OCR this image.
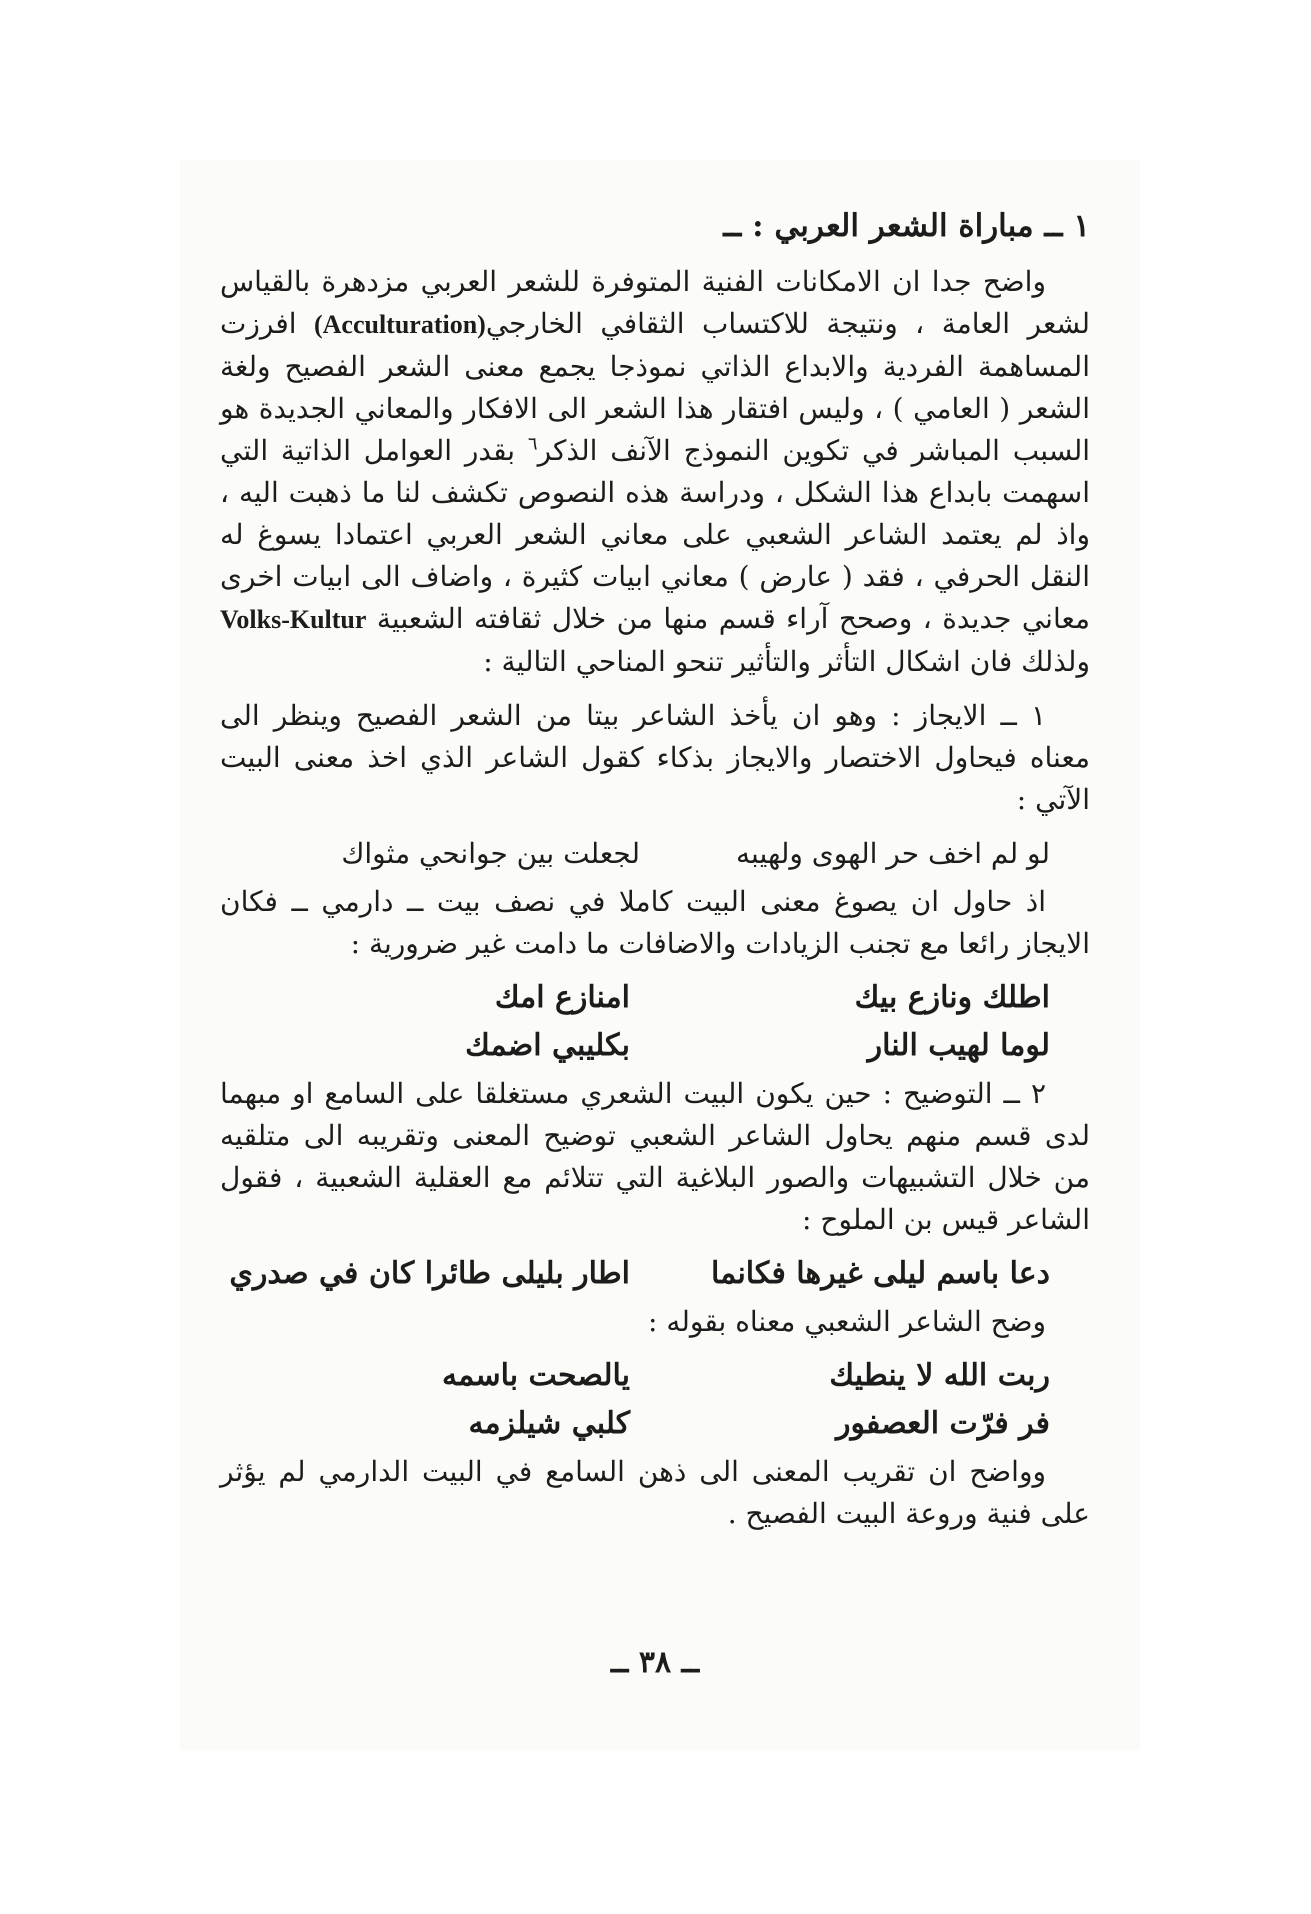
١ ــ مباراة الشعر العربي : ــ

واضح جدا ان الامكانات الفنية المتوفرة للشعر العربي مزدهرة بالقياس لشعر العامة ، ونتيجة للاكتساب الثقافي الخارجي(Acculturation) افرزت المساهمة الفردية والابداع الذاتي نموذجا يجمع معنى الشعر الفصيح ولغة الشعر ( العامي ) ، وليس افتقار هذا الشعر الى الافكار والمعاني الجديدة هو السبب المباشر في تكوين النموذج الآنف الذكر$^٦$ بقدر العوامل الذاتية التي اسهمت بابداع هذا الشكل ، ودراسة هذه النصوص تكشف لنا ما ذهبت اليه ، واذ لم يعتمد الشاعر الشعبي على معاني الشعر العربي اعتمادا يسوغ له النقل الحرفي ، فقد ( عارض ) معاني ابيات كثيرة ، واضاف الى ابيات اخرى معاني جديدة ، وصحح آراء قسم منها من خلال ثقافته الشعبية Volks-Kultur ولذلك فان اشكال التأثر والتأثير تنحو المناحي التالية :

١ ــ الايجاز : وهو ان يأخذ الشاعر بيتا من الشعر الفصيح وينظر الى معناه فيحاول الاختصار والايجاز بذكاء كقول الشاعر الذي اخذ معنى البيت الآتي :

لو لم اخف حر الهوى ولهيبه
لجعلت بين جوانحي مثواك

اذ حاول ان يصوغ معنى البيت كاملا في نصف بيت ــ دارمي ــ فكان الايجاز رائعا مع تجنب الزيادات والاضافات ما دامت غير ضرورية :

اطلك ونازع بيك
امنازع امك
لوما لهيب النار
بكليبي اضمك

٢ ــ التوضيح : حين يكون البيت الشعري مستغلقا على السامع او مبهما لدى قسم منهم يحاول الشاعر الشعبي توضيح المعنى وتقريبه الى متلقيه من خلال التشبيهات والصور البلاغية التي تتلائم مع العقلية الشعبية ، فقول الشاعر قيس بن الملوح :

دعا باسم ليلى غيرها فكانما
اطار بليلى طائرا كان في صدري

وضح الشاعر الشعبي معناه بقوله :

ربت الله لا ينطيك
يالصحت باسمه
فر فرّت العصفور
كلبي شيلزمه

وواضح ان تقريب المعنى الى ذهن السامع في البيت الدارمي لم يؤثر على فنية وروعة البيت الفصيح .

ــ ٣٨ ــ
